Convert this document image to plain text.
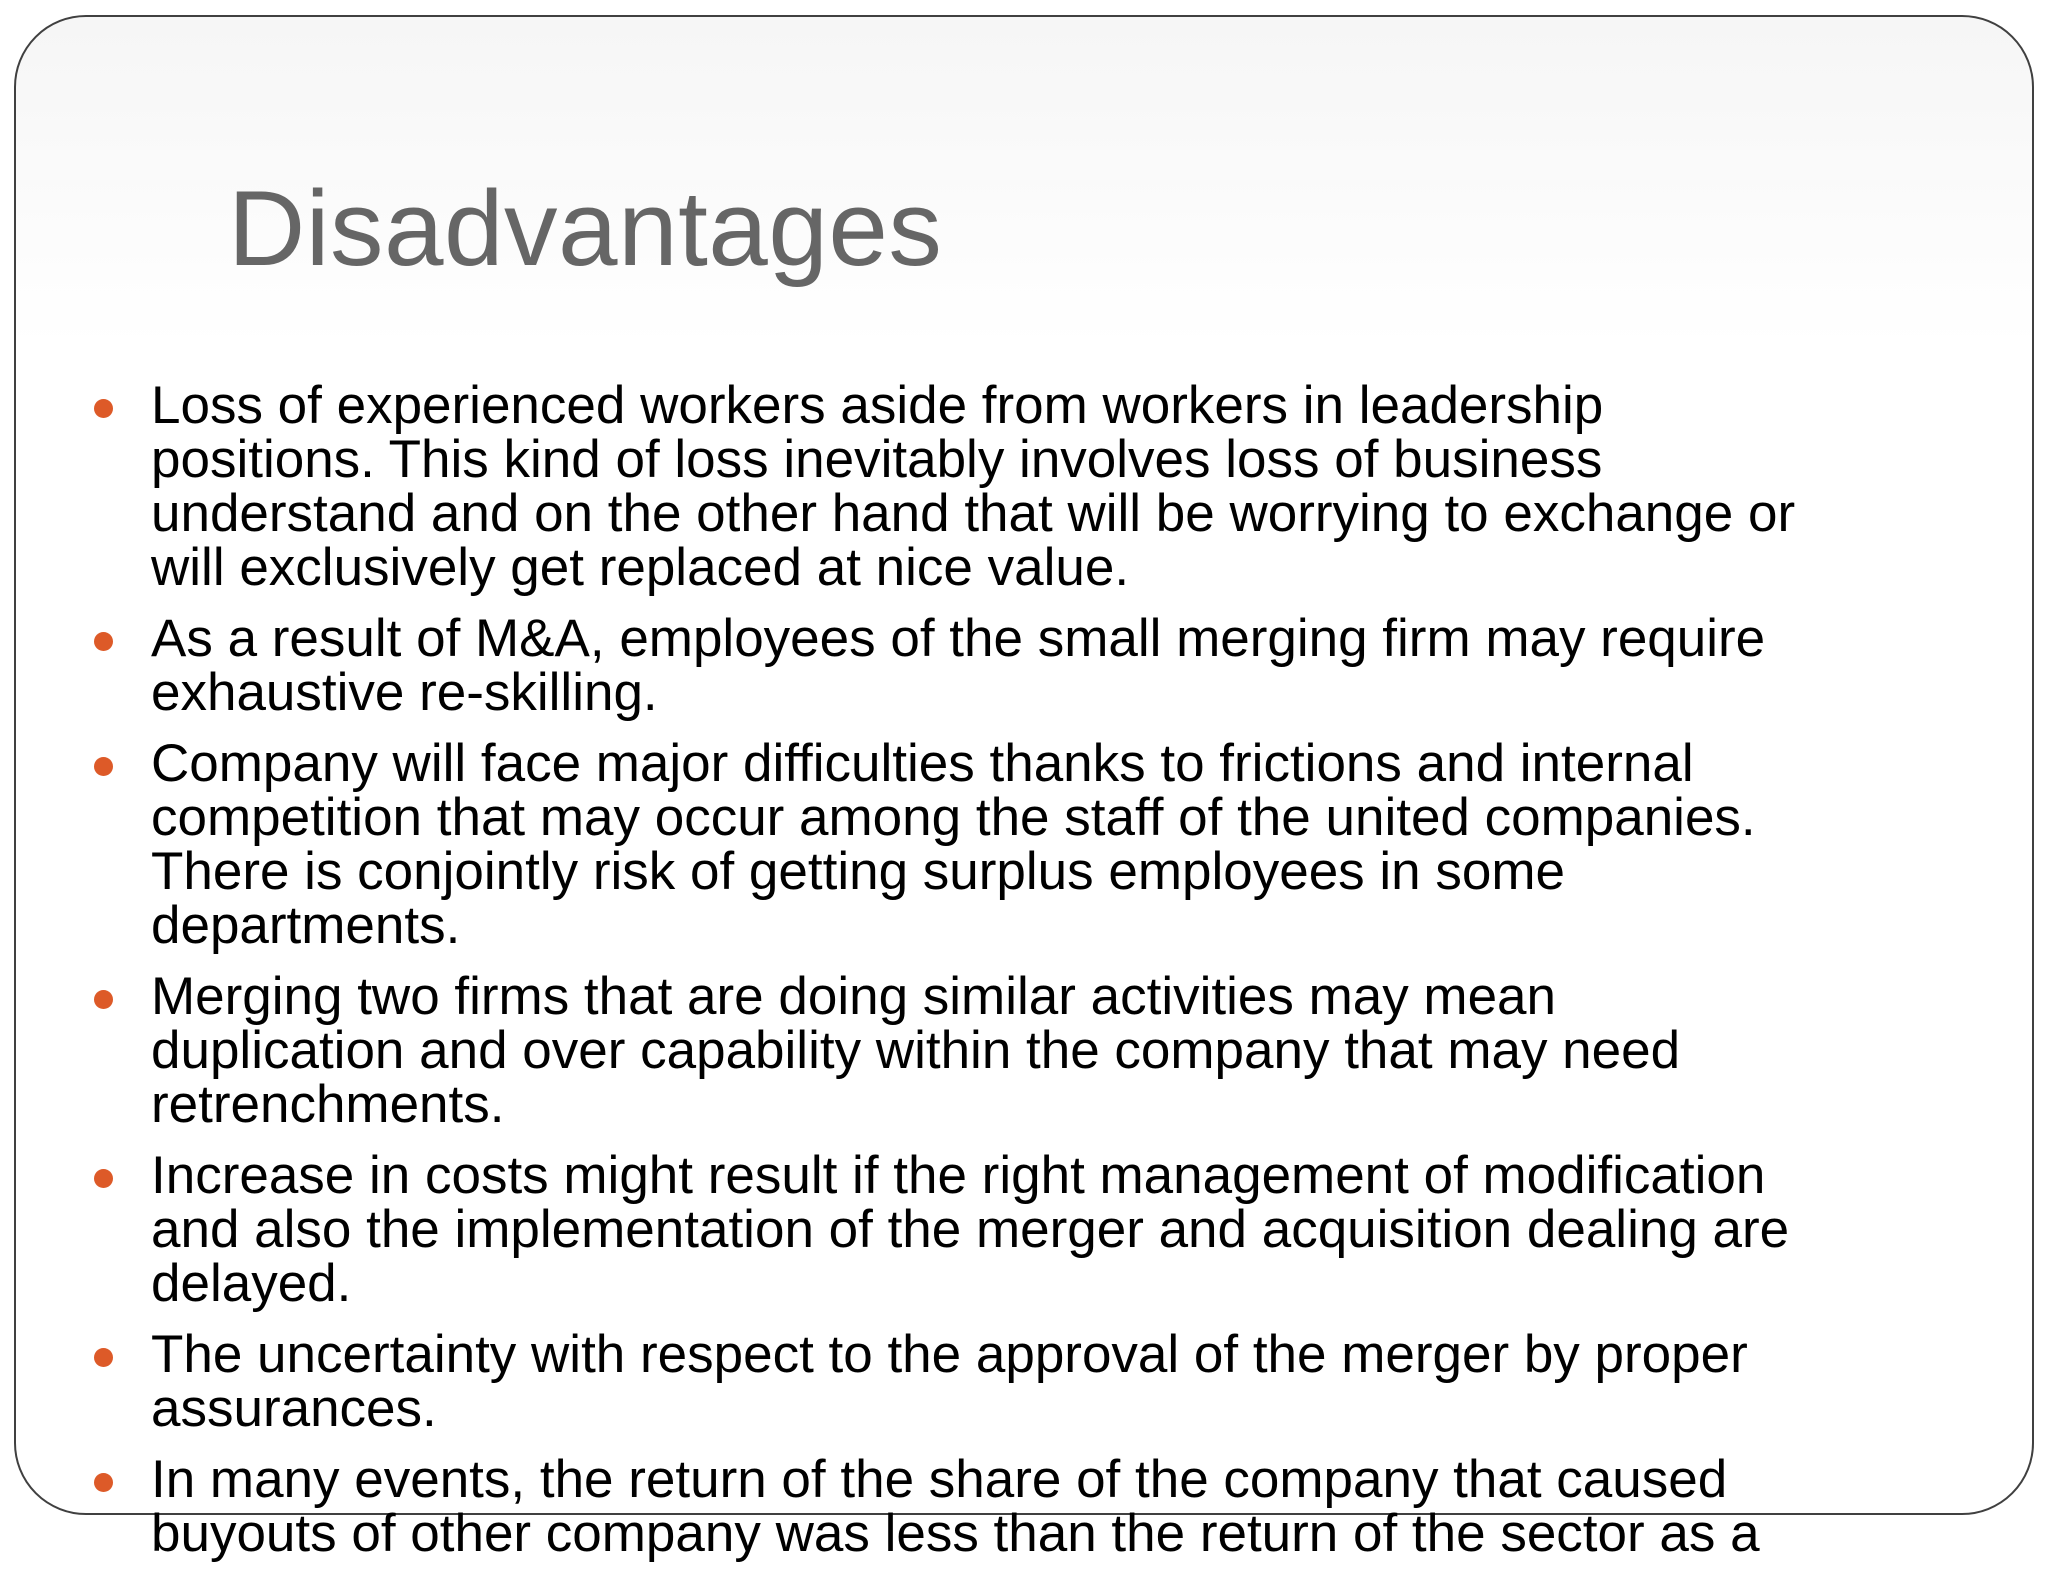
Disadvantages
Loss of experienced workers aside from workers in leadership
positions. This kind of loss inevitably involves loss of business
understand and on the other hand that will be worrying to exchange or
will exclusively get replaced at nice value.
As a result of M&A, employees of the small merging firm may require
exhaustive re-skilling.
Company will face major difficulties thanks to frictions and internal
competition that may occur among the staff of the united companies.
There is conjointly risk of getting surplus employees in some
departments.
Merging two firms that are doing similar activities may mean
duplication and over capability within the company that may need
retrenchments.
Increase in costs might result if the right management of modification
and also the implementation of the merger and acquisition dealing are
delayed.
The uncertainty with respect to the approval of the merger by proper
assurances.
In many events, the return of the share of the company that caused
buyouts of other company was less than the return of the sector as a
